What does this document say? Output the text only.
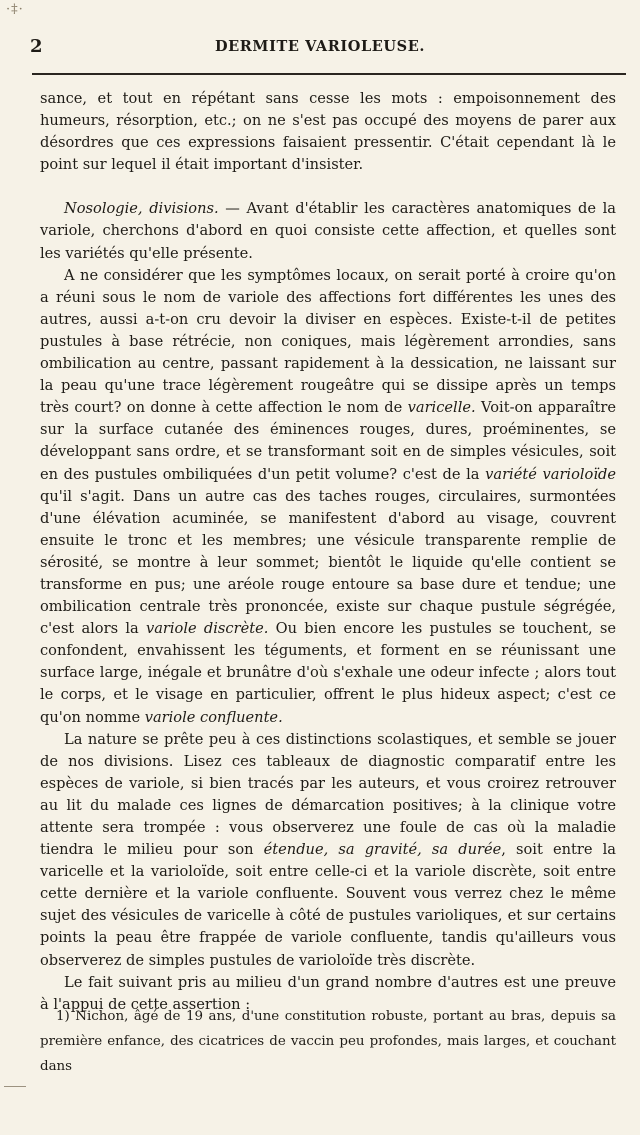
·‡·
2	DERMITE VARIOLEUSE.

sance, et tout en répétant sans cesse les mots : empoisonnement des humeurs, résorption, etc.; on ne s'est pas occupé des moyens de parer aux désordres que ces expressions faisaient pressentir. C'était cependant là le point sur lequel il était important d'insister.

Nosologie, divisions. — Avant d'établir les caractères anatomiques de la variole, cherchons d'abord en quoi consiste cette affection, et quelles sont les variétés qu'elle présente.

A ne considérer que les symptômes locaux, on serait porté à croire qu'on a réuni sous le nom de variole des affections fort différentes les unes des autres, aussi a-t-on cru devoir la diviser en espèces. Existe-t-il de petites pustules à base rétrécie, non coniques, mais légèrement arrondies, sans ombilication au centre, passant rapidement à la dessication, ne laissant sur la peau qu'une trace légèrement rougeâtre qui se dissipe après un temps très court? on donne à cette affection le nom de varicelle. Voit-on apparaître sur la surface cutanée des éminences rouges, dures, proéminentes, se développant sans ordre, et se transformant soit en de simples vésicules, soit en des pustules ombiliquées d'un petit volume? c'est de la variété varioloïde qu'il s'agit. Dans un autre cas des taches rouges, circulaires, surmontées d'une élévation acuminée, se manifestent d'abord au visage, couvrent ensuite le tronc et les membres; une vésicule transparente remplie de sérosité, se montre à leur sommet; bientôt le liquide qu'elle contient se transforme en pus; une aréole rouge entoure sa base dure et tendue; une ombilication centrale très prononcée, existe sur chaque pustule ségrégée, c'est alors la variole discrète. Ou bien encore les pustules se touchent, se confondent, envahissent les téguments, et forment en se réunissant une surface large, inégale et brunâtre d'où s'exhale une odeur infecte ; alors tout le corps, et le visage en particulier, offrent le plus hideux aspect; c'est ce qu'on nomme variole confluente.

La nature se prête peu à ces distinctions scolastiques, et semble se jouer de nos divisions. Lisez ces tableaux de diagnostic comparatif entre les espèces de variole, si bien tracés par les auteurs, et vous croirez retrouver au lit du malade ces lignes de démarcation positives; à la clinique votre attente sera trompée : vous observerez une foule de cas où la maladie tiendra le milieu pour son étendue, sa gravité, sa durée, soit entre la varicelle et la varioloïde, soit entre celle-ci et la variole discrète, soit entre cette dernière et la variole confluente. Souvent vous verrez chez le même sujet des vésicules de varicelle à côté de pustules varioliques, et sur certains points la peau être frappée de variole confluente, tandis qu'ailleurs vous observerez de simples pustules de varioloïde très discrète.

Le fait suivant pris au milieu d'un grand nombre d'autres est une preuve à l'appui de cette assertion :

1) Nichon, âgé de 19 ans, d'une constitution robuste, portant au bras, depuis sa première enfance, des cicatrices de vaccin peu profondes, mais larges, et couchant dans
